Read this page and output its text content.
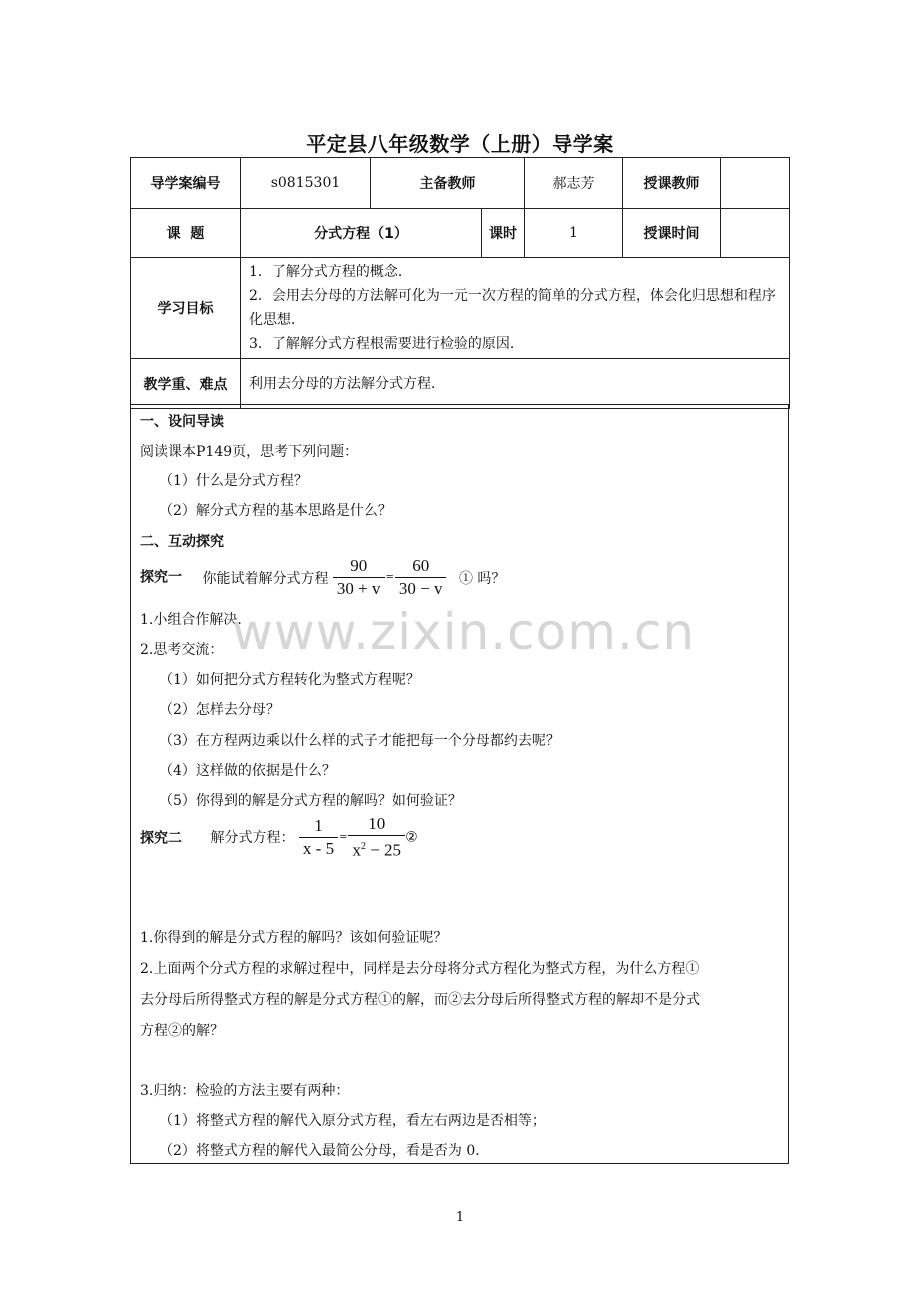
平定县八年级数学（上册）导学案
导学案编号	s0815301	主备教师		郝志芳	授课教师	
课  题	分式方程（1）		课时	1	授课时间	
学习目标	1．了解分式方程的概念．
2．会用去分母的方法解可化为一元一次方程的简单的分式方程，体会化归思想和程序化思想．
3．了解解分式方程根需要进行检验的原因．					

教学重、难点	利用去分母的方法解分式方程．					
一、设问导读
阅读课本P149页，思考下列问题：
（1）什么是分式方程？
（2）解分式方程的基本思路是什么？
二、互动探究
探究一 你能试着解分式方程 $\frac{90}{30 + v} = \frac{60}{30 - v}$ ① 吗？
1.小组合作解决.
2.思考交流：
（1）如何把分式方程转化为整式方程呢？
（2）怎样去分母？
（3）在方程两边乘以什么样的式子才能把每一个分母都约去呢？
（4）这样做的依据是什么？
（5）你得到的解是分式方程的解吗？如何验证？
探究二 解分式方程： $\frac{1}{x - 5} = \frac{10}{x^2 - 25}$ ②
1.你得到的解是分式方程的解吗？该如何验证呢？
2.上面两个分式方程的求解过程中，同样是去分母将分式方程化为整式方程，为什么方程①
去分母后所得整式方程的解是分式方程①的解，而②去分母后所得整式方程的解却不是分式
方程②的解？
3.归纳：检验的方法主要有两种：
（1）将整式方程的解代入原分式方程，看左右两边是否相等；
（2）将整式方程的解代入最简公分母，看是否为 0.
www.zixin.com.cn
1
